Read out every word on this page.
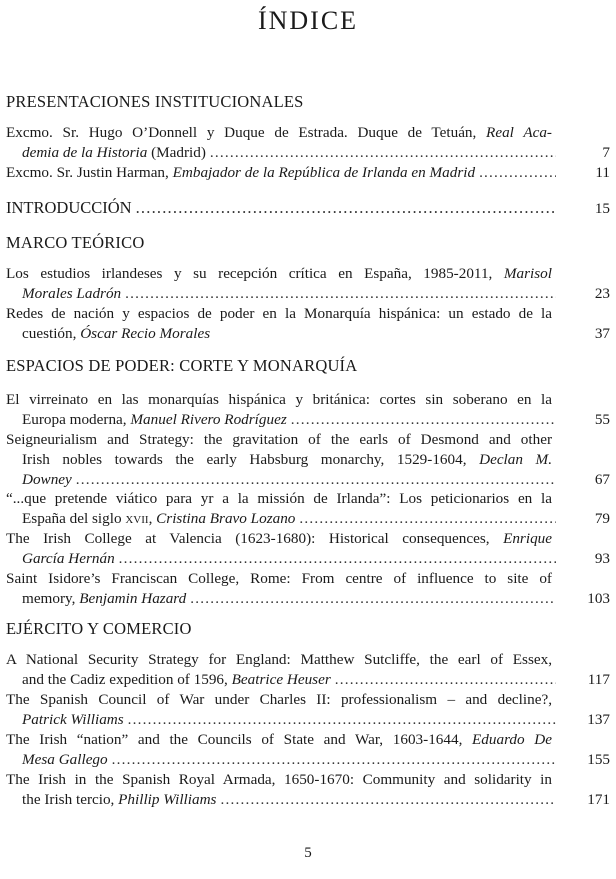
ÍNDICE
PRESENTACIONES INSTITUCIONALES
Excmo. Sr. Hugo O’Donnell y Duque de Estrada. Duque de Tetuán, Real Aca-
demia de la Historia (Madrid) .....	7
Excmo. Sr. Justin Harman, Embajador de la República de Irlanda en Madrid .....	11
INTRODUCCIÓN .....	15
MARCO TEÓRICO
Los estudios irlandeses y su recepción crítica en España, 1985-2011, Marisol
Morales Ladrón .....	23
Redes de nación y espacios de poder en la Monarquía hispánica: un estado de la
cuestión, Óscar Recio Morales	37
ESPACIOS DE PODER: CORTE Y MONARQUÍA
El virreinato en las monarquías hispánica y británica: cortes sin soberano en la
Europa moderna, Manuel Rivero Rodríguez .....	55
Seigneurialism and Strategy: the gravitation of the earls of Desmond and other
Irish nobles towards the early Habsburg monarchy, 1529-1604, Declan M.
Downey .....	67
“...que pretende viático para yr a la missión de Irlanda”: Los peticionarios en la
España del siglo XVII, Cristina Bravo Lozano .....	79
The Irish College at Valencia (1623-1680): Historical consequences, Enrique
García Hernán .....	93
Saint Isidore’s Franciscan College, Rome: From centre of influence to site of
memory, Benjamin Hazard .....	103
EJÉRCITO Y COMERCIO
A National Security Strategy for England: Matthew Sutcliffe, the earl of Essex,
and the Cadiz expedition of 1596, Beatrice Heuser .....	117
The Spanish Council of War under Charles II: professionalism – and decline?,
Patrick Williams .....	137
The Irish “nation” and the Councils of State and War, 1603-1644, Eduardo De
Mesa Gallego .....	155
The Irish in the Spanish Royal Armada, 1650-1670: Community and solidarity in
the Irish tercio, Phillip Williams .....	171
5
